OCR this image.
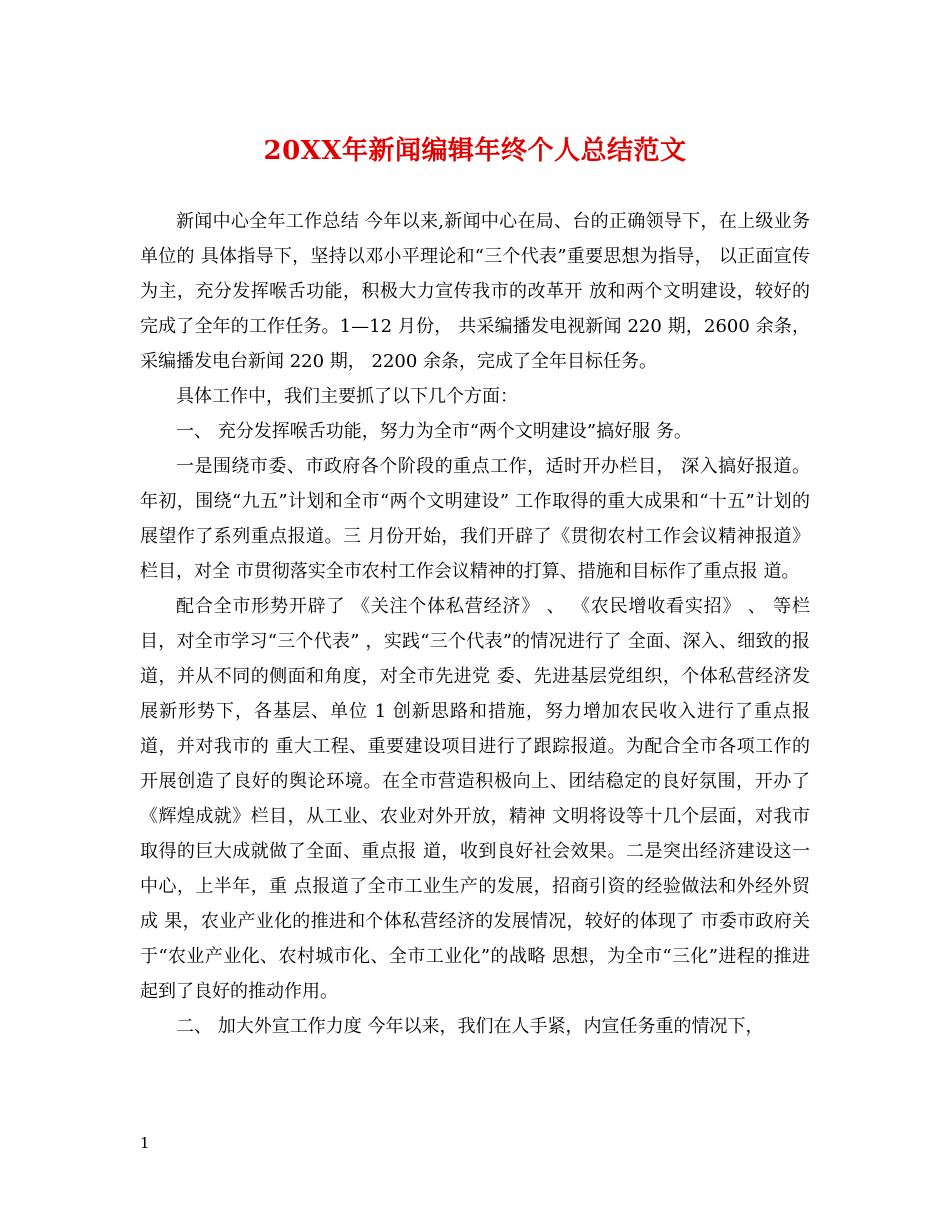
20XX年新闻编辑年终个人总结范文

新闻中心全年工作总结 今年以来,新闻中心在局、台的正确领导下，在上级业务单位的 具体指导下，坚持以邓小平理论和“三个代表”重要思想为指导， 以正面宣传为主，充分发挥喉舌功能，积极大力宣传我市的改革开 放和两个文明建设，较好的完成了全年的工作任务。1—12 月份， 共采编播发电视新闻 220 期，2600 余条， 采编播发电台新闻 220 期， 2200 余条，完成了全年目标任务。

具体工作中，我们主要抓了以下几个方面：

一、 充分发挥喉舌功能，努力为全市“两个文明建设”搞好服 务。

一是围绕市委、市政府各个阶段的重点工作，适时开办栏目， 深入搞好报道。年初，围绕“九五”计划和全市“两个文明建设” 工作取得的重大成果和“十五”计划的展望作了系列重点报道。三 月份开始，我们开辟了《贯彻农村工作会议精神报道》栏目，对全 市贯彻落实全市农村工作会议精神的打算、措施和目标作了重点报 道。

配合全市形势开辟了 《关注个体私营经济》 、 《农民增收看实招》 、 等栏目，对全市学习“三个代表” ，实践“三个代表”的情况进行了 全面、深入、细致的报道，并从不同的侧面和角度，对全市先进党 委、先进基层党组织，个体私营经济发展新形势下，各基层、单位 1 创新思路和措施，努力增加农民收入进行了重点报道，并对我市的 重大工程、重要建设项目进行了跟踪报道。为配合全市各项工作的 开展创造了良好的舆论环境。在全市营造积极向上、团结稳定的良好氛围，开办了《辉煌成就》栏目，从工业、农业对外开放，精神 文明将设等十几个层面，对我市取得的巨大成就做了全面、重点报 道，收到良好社会效果。二是突出经济建设这一中心，上半年，重 点报道了全市工业生产的发展，招商引资的经验做法和外经外贸成 果，农业产业化的推进和个体私营经济的发展情况，较好的体现了 市委市政府关于“农业产业化、农村城市化、全市工业化”的战略 思想，为全市“三化”进程的推进起到了良好的推动作用。

二、 加大外宣工作力度 今年以来，我们在人手紧，内宣任务重的情况下，

1
